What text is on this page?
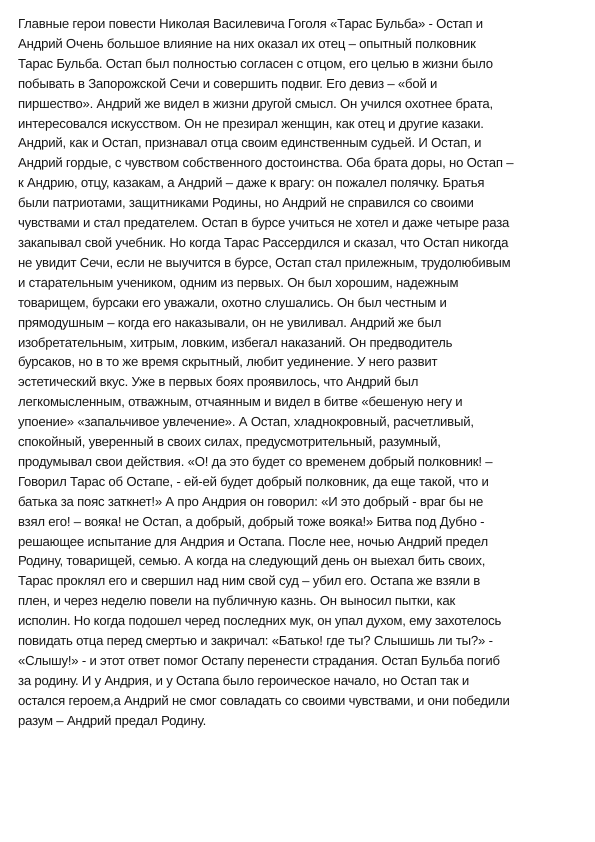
Главные герои повести Николая Василевича Гоголя «Тарас Бульба» - Остап и
Андрий Очень большое влияние на них оказал их отец – опытный полковник
Тарас Бульба. Остап был полностью согласен с отцом, его целью в жизни было
побывать в Запорожской Сечи и совершить подвиг. Его девиз – «бой и
пиршество». Андрий же видел в жизни другой смысл. Он учился охотнее брата,
интересовался искусством. Он не презирал женщин, как отец и другие казаки.
Андрий, как и Остап, признавал отца своим единственным судьей. И Остап, и
Андрий гордые, с чувством собственного достоинства. Оба брата доры, но Остап –
к Андрию, отцу, казакам, а Андрий – даже к врагу: он пожалел полячку. Братья
были патриотами, защитниками Родины, но Андрий не справился со своими
чувствами и стал предателем. Остап в бурсе учиться не хотел и даже четыре раза
закапывал свой учебник. Но когда Тарас Рассердился и сказал, что Остап никогда
не увидит Сечи, если не выучится в бурсе, Остап стал прилежным, трудолюбивым
и старательным учеником, одним из первых. Он был хорошим, надежным
товарищем, бурсаки его уважали, охотно слушались. Он был честным и
прямодушным – когда его наказывали, он не увиливал. Андрий же был
изобретательным, хитрым, ловким, избегал наказаний. Он предводитель
бурсаков, но в то же время скрытный, любит уединение. У него развит
эстетический вкус. Уже в первых боях проявилось, что Андрий был
легкомысленным, отважным, отчаянным и видел в битве «бешеную негу и
упоение» «запальчивое увлечение». А Остап, хладнокровный, расчетливый,
спокойный, уверенный в своих силах, предусмотрительный, разумный,
продумывал свои действия. «О! да это будет со временем добрый полковник! –
Говорил Тарас об Остапе, - ей-ей будет добрый полковник, да еще такой, что и
батька за пояс заткнет!» А про Андрия он говорил: «И это добрый - враг бы не
взял его! – вояка! не Остап, а добрый, добрый тоже вояка!» Битва под Дубно -
решающее испытание для Андрия и Остапа. После нее, ночью Андрий предел
Родину, товарищей, семью. А когда на следующий день он выехал бить своих,
Тарас проклял его и свершил над ним свой суд – убил его. Остапа же взяли в
плен, и через неделю повели на публичную казнь. Он выносил пытки, как
исполин. Но когда подошел черед последних мук, он упал духом, ему захотелось
повидать отца перед смертью и закричал: «Батько! где ты? Слышишь ли ты?» -
«Слышу!» - и этот ответ помог Остапу перенести страдания. Остап Бульба погиб
за родину. И у Андрия, и у Остапа было героическое начало, но Остап так и
остался героем,а Андрий не смог совладать со своими чувствами, и они победили
разум – Андрий предал Родину.
